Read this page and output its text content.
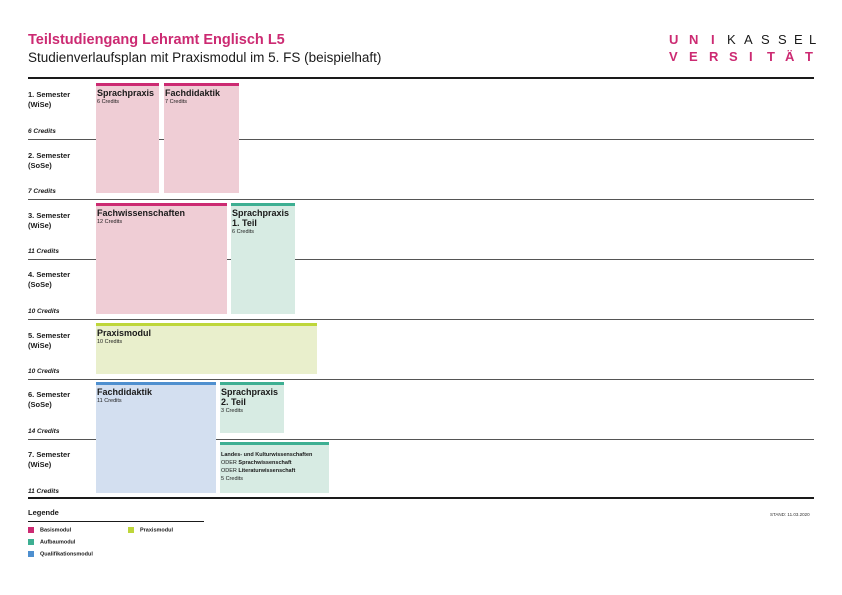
Teilstudiengang Lehramt Englisch L5
Studienverlaufsplan mit Praxismodul im 5. FS (beispielhaft)
U N I K A S S E L
V E R S I T Ä T
1. Semester
(WiSe)
6 Credits
2. Semester
(SoSe)
7 Credits
3. Semester
(WiSe)
11 Credits
4. Semester
(SoSe)
10 Credits
5. Semester
(WiSe)
10 Credits
6. Semester
(SoSe)
14 Credits
7. Semester
(WiSe)
11 Credits
Sprachpraxis
6 Credits
Fachdidaktik
7 Credits
Fachwissenschaften
12 Credits
Sprachpraxis
1. Teil
6 Credits
Praxismodul
10 Credits
Fachdidaktik
11 Credits
Sprachpraxis
2. Teil
3 Credits
Landes- und Kulturwissenschaften
ODER Sprachwissenschaft
ODER Literaturwissenschaft
5 Credits
Legende
Basismodul
Aufbaumodul
Qualifikationsmodul
Praxismodul
STAND: 11.03.2020
